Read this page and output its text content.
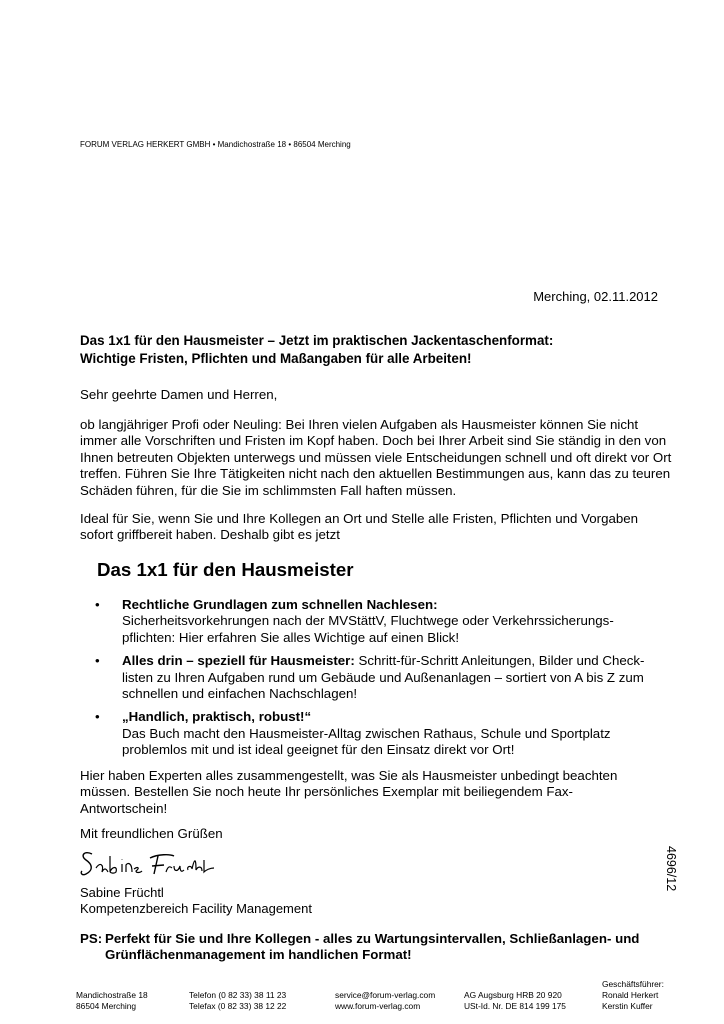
FORUM VERLAG HERKERT GMBH • Mandichostraße 18 • 86504 Merching
Merching, 02.11.2012
Das 1x1 für den Hausmeister – Jetzt im praktischen Jackentaschenformat:
Wichtige Fristen, Pflichten und Maßangaben für alle Arbeiten!
Sehr geehrte Damen und Herren,
ob langjähriger Profi oder Neuling: Bei Ihren vielen Aufgaben als Hausmeister können Sie nicht
immer alle Vorschriften und Fristen im Kopf haben. Doch bei Ihrer Arbeit sind Sie ständig in den von
Ihnen betreuten Objekten unterwegs und müssen viele Entscheidungen schnell und oft direkt vor Ort
treffen. Führen Sie Ihre Tätigkeiten nicht nach den aktuellen Bestimmungen aus, kann das zu teuren
Schäden führen, für die Sie im schlimmsten Fall haften müssen.
Ideal für Sie, wenn Sie und Ihre Kollegen an Ort und Stelle alle Fristen, Pflichten und Vorgaben
sofort griffbereit haben. Deshalb gibt es jetzt
Das 1x1 für den Hausmeister
• Rechtliche Grundlagen zum schnellen Nachlesen:
Sicherheitsvorkehrungen nach der MVStättV, Fluchtwege oder Verkehrssicherungs-
pflichten: Hier erfahren Sie alles Wichtige auf einen Blick!
• Alles drin – speziell für Hausmeister: Schritt-für-Schritt Anleitungen, Bilder und Check-
listen zu Ihren Aufgaben rund um Gebäude und Außenanlagen – sortiert von A bis Z zum
schnellen und einfachen Nachschlagen!
• „Handlich, praktisch, robust!“
Das Buch macht den Hausmeister-Alltag zwischen Rathaus, Schule und Sportplatz
problemlos mit und ist ideal geeignet für den Einsatz direkt vor Ort!
Hier haben Experten alles zusammengestellt, was Sie als Hausmeister unbedingt beachten
müssen. Bestellen Sie noch heute Ihr persönliches Exemplar mit beiliegendem Fax-
Antwortschein!
Mit freundlichen Grüßen
Sabine Früchtl
Kompetenzbereich Facility Management
4696/12
PS: Perfekt für Sie und Ihre Kollegen - alles zu Wartungsintervallen, Schließanlagen- und
Grünflächenmanagement im handlichen Format!
Mandichostraße 18
86504 Merching
Telefon (0 82 33) 38 11 23
Telefax (0 82 33) 38 12 22
service@forum-verlag.com
www.forum-verlag.com
AG Augsburg HRB 20 920
USt-Id. Nr. DE 814 199 175
Geschäftsführer:
Ronald Herkert
Kerstin Kuffer
